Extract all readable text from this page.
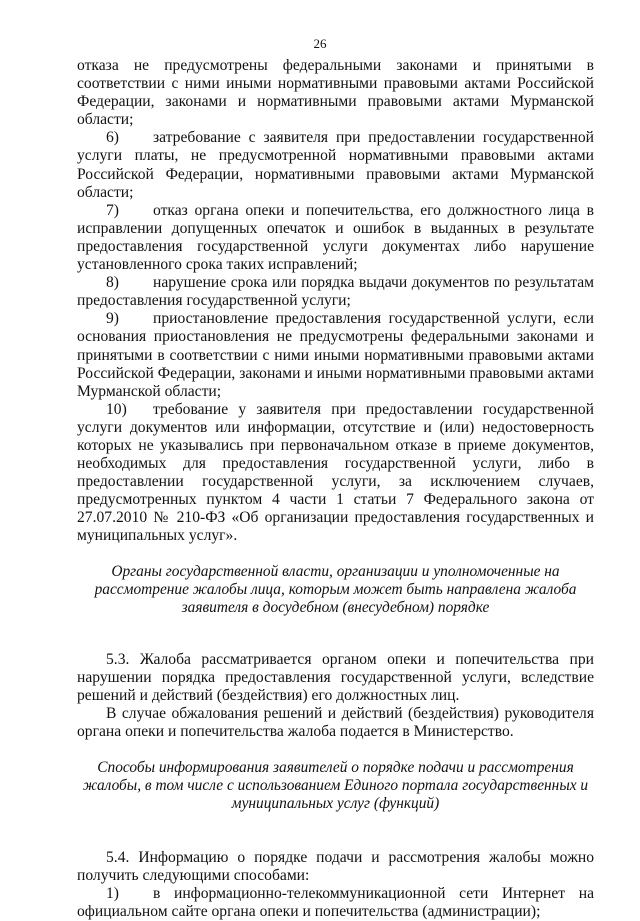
26

отказа не предусмотрены федеральными законами и принятыми в соответствии с ними иными нормативными правовыми актами Российской Федерации, законами и нормативными правовыми актами Мурманской области;

6) затребование с заявителя при предоставлении государственной услуги платы, не предусмотренной нормативными правовыми актами Российской Федерации, нормативными правовыми актами Мурманской области;

7) отказ органа опеки и попечительства, его должностного лица в исправлении допущенных опечаток и ошибок в выданных в результате предоставления государственной услуги документах либо нарушение установленного срока таких исправлений;

8) нарушение срока или порядка выдачи документов по результатам предоставления государственной услуги;

9) приостановление предоставления государственной услуги, если основания приостановления не предусмотрены федеральными законами и принятыми в соответствии с ними иными нормативными правовыми актами Российской Федерации, законами и иными нормативными правовыми актами Мурманской области;

10) требование у заявителя при предоставлении государственной услуги документов или информации, отсутствие и (или) недостоверность которых не указывались при первоначальном отказе в приеме документов, необходимых для предоставления государственной услуги, либо в предоставлении государственной услуги, за исключением случаев, предусмотренных пунктом 4 части 1 статьи 7 Федерального закона от 27.07.2010 № 210-ФЗ «Об организации предоставления государственных и муниципальных услуг».

Органы государственной власти, организации и уполномоченные на рассмотрение жалобы лица, которым может быть направлена жалоба заявителя в досудебном (внесудебном) порядке

5.3. Жалоба рассматривается органом опеки и попечительства при нарушении порядка предоставления государственной услуги, вследствие решений и действий (бездействия) его должностных лиц.

В случае обжалования решений и действий (бездействия) руководителя органа опеки и попечительства жалоба подается в Министерство.

Способы информирования заявителей о порядке подачи и рассмотрения жалобы, в том числе с использованием Единого портала государственных и муниципальных услуг (функций)

5.4. Информацию о порядке подачи и рассмотрения жалобы можно получить следующими способами:

1) в информационно-телекоммуникационной сети Интернет на официальном сайте органа опеки и попечительства (администрации);
